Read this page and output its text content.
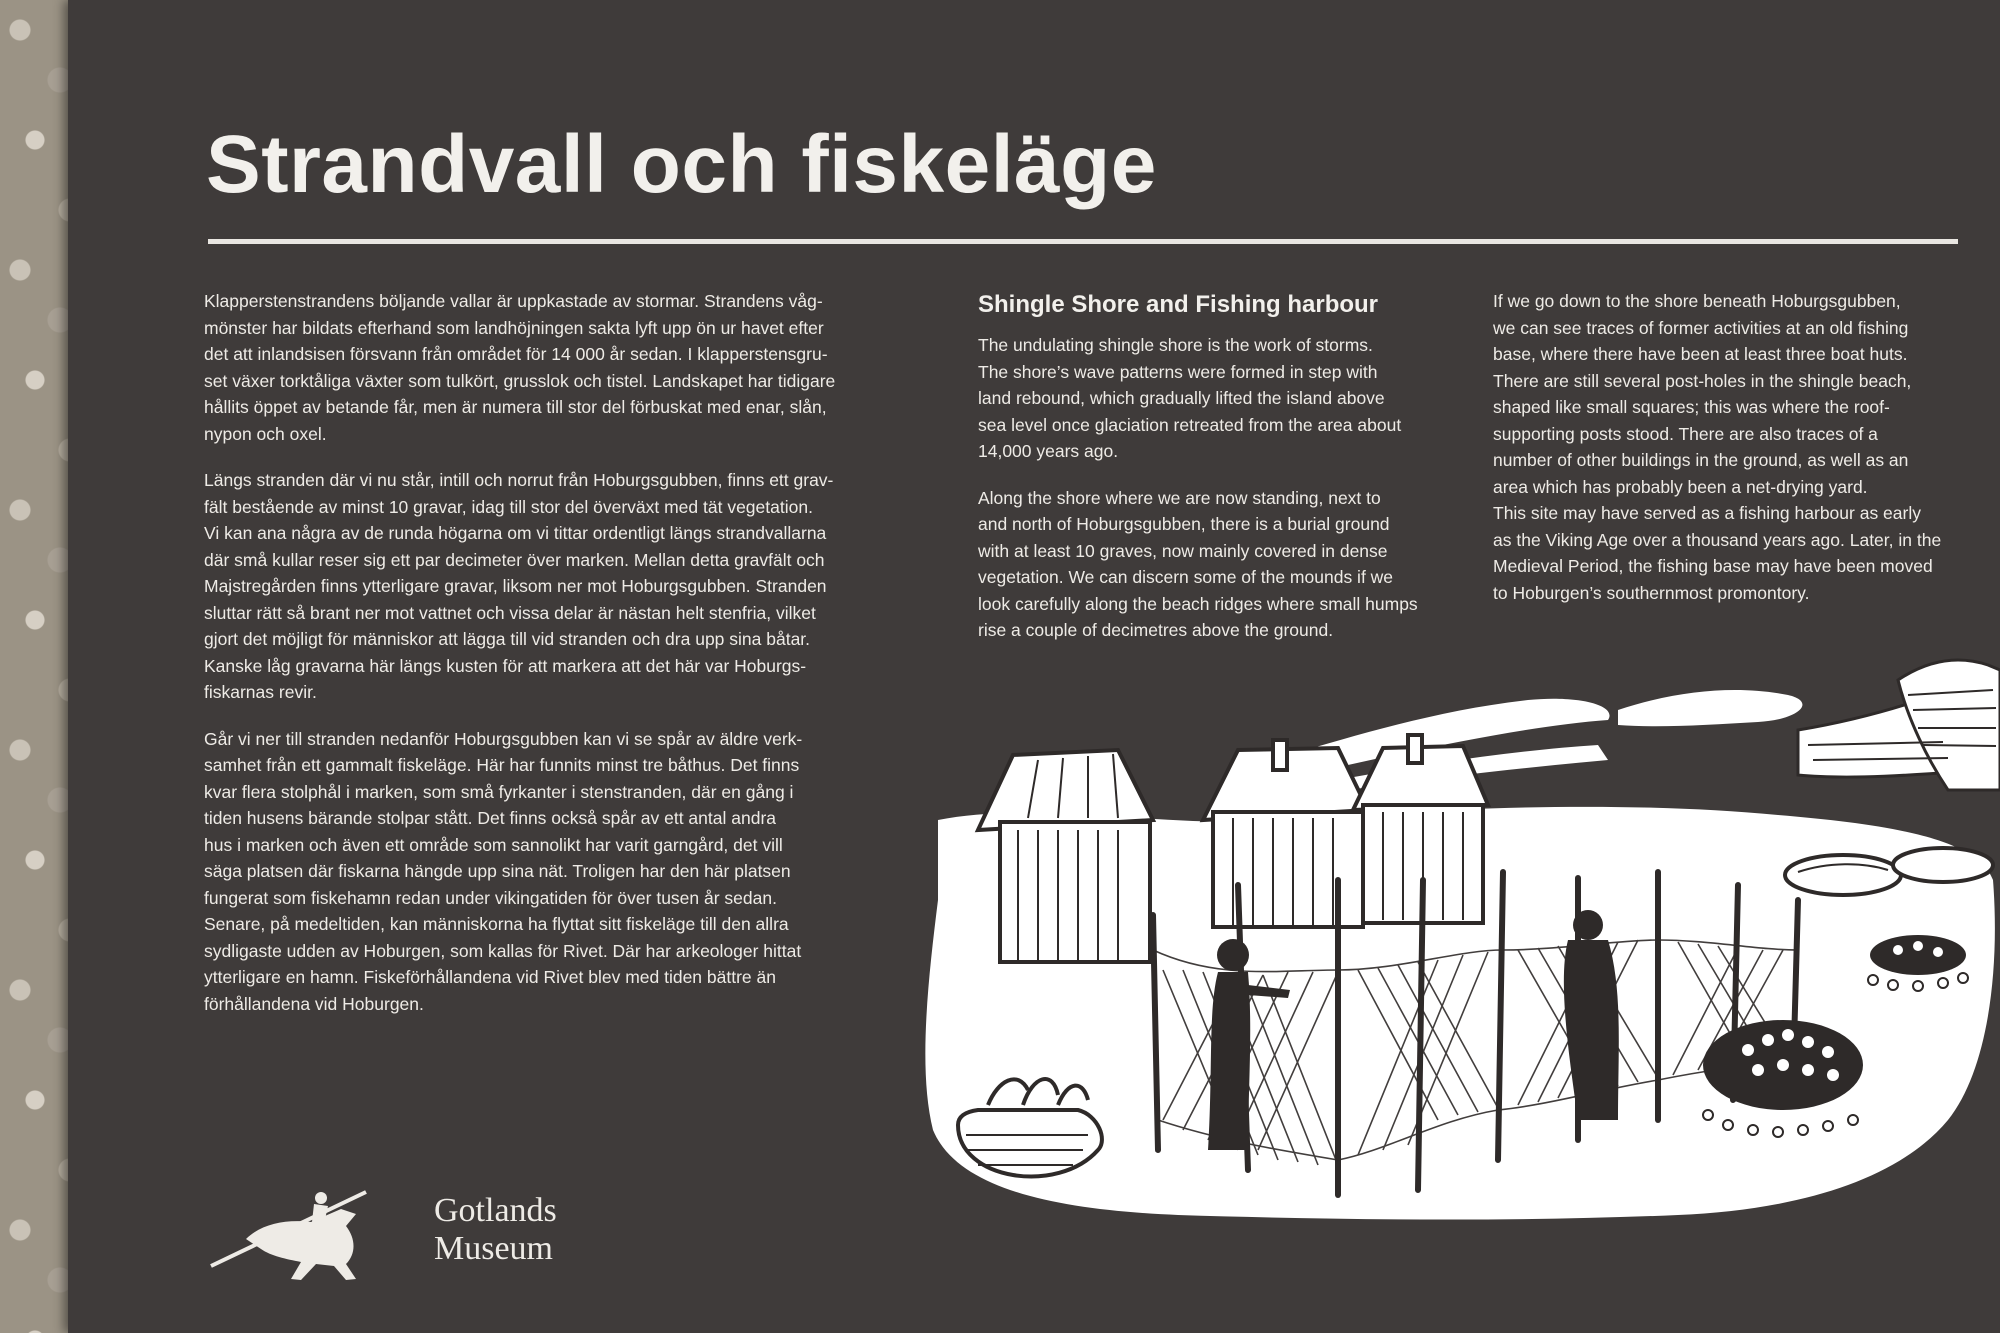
Strandvall och fiskeläge

Klapperstenstrandens böljande vallar är uppkastade av stormar. Strandens våg-
mönster har bildats efterhand som landhöjningen sakta lyft upp ön ur havet efter
det att inlandsisen försvann från området för 14 000 år sedan. I klapperstensgru-
set växer torktåliga växter som tulkört, grusslok och tistel. Landskapet har tidigare
hållits öppet av betande får, men är numera till stor del förbuskat med enar, slån,
nypon och oxel.

Längs stranden där vi nu står, intill och norrut från Hoburgsgubben, finns ett grav-
fält bestående av minst 10 gravar, idag till stor del överväxt med tät vegetation.
Vi kan ana några av de runda högarna om vi tittar ordentligt längs strandvallarna
där små kullar reser sig ett par decimeter över marken. Mellan detta gravfält och
Majstregården finns ytterligare gravar, liksom ner mot Hoburgsgubben. Stranden
sluttar rätt så brant ner mot vattnet och vissa delar är nästan helt stenfria, vilket
gjort det möjligt för människor att lägga till vid stranden och dra upp sina båtar.
Kanske låg gravarna här längs kusten för att markera att det här var Hoburgs-
fiskarnas revir.

Går vi ner till stranden nedanför Hoburgsgubben kan vi se spår av äldre verk-
samhet från ett gammalt fiskeläge. Här har funnits minst tre båthus. Det finns
kvar flera stolphål i marken, som små fyrkanter i stenstranden, där en gång i
tiden husens bärande stolpar stått. Det finns också spår av ett antal andra
hus i marken och även ett område som sannolikt har varit garngård, det vill
säga platsen där fiskarna hängde upp sina nät. Troligen har den här platsen
fungerat som fiskehamn redan under vikingatiden för över tusen år sedan.
Senare, på medeltiden, kan människorna ha flyttat sitt fiskeläge till den allra
sydligaste udden av Hoburgen, som kallas för Rivet. Där har arkeologer hittat
ytterligare en hamn. Fiskeförhållandena vid Rivet blev med tiden bättre än
förhållandena vid Hoburgen.

Shingle Shore and Fishing harbour

The undulating shingle shore is the work of storms.
The shore’s wave patterns were formed in step with
land rebound, which gradually lifted the island above
sea level once glaciation retreated from the area about
14,000 years ago.

Along the shore where we are now standing, next to
and north of Hoburgsgubben, there is a burial ground
with at least 10 graves, now mainly covered in dense
vegetation. We can discern some of the mounds if we
look carefully along the beach ridges where small humps
rise a couple of decimetres above the ground.

If we go down to the shore beneath Hoburgsgubben,
we can see traces of former activities at an old fishing
base, where there have been at least three boat huts.
There are still several post-holes in the shingle beach,
shaped like small squares; this was where the roof-
supporting posts stood. There are also traces of a
number of other buildings in the ground, as well as an
area which has probably been a net-drying yard.
This site may have served as a fishing harbour as early
as the Viking Age over a thousand years ago. Later, in the
Medieval Period, the fishing base may have been moved
to Hoburgen’s southernmost promontory.

Gotlands
Museum
